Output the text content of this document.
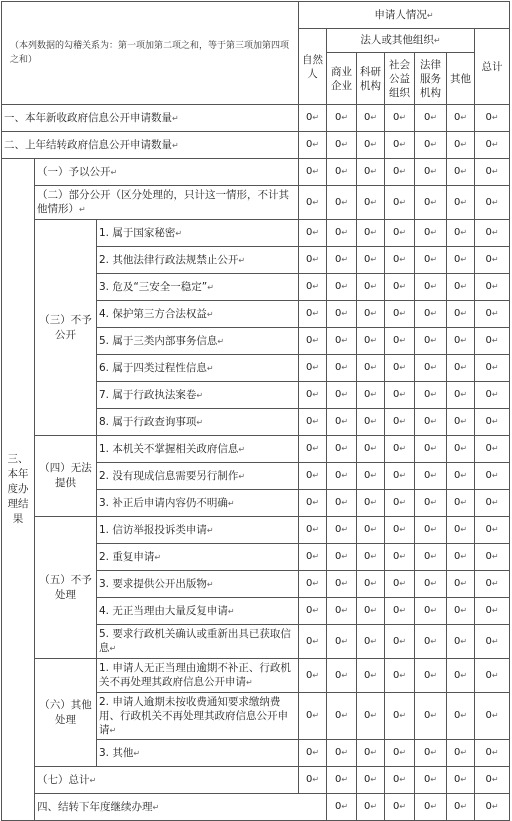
（本列数据的勾稽关系为：第一项加第二项之和，等于第三项加第四项之和）			申请人情况↵							
			自然人	法人或其他组织↵					总计	
				商业企业	科研机构	社会公益组织	法律服务机构	其他		
一、本年新收政府信息公开申请数量↵			0↵	0↵	0↵	0↵	0↵	0↵	0↵	
二、上年结转政府信息公开申请数量↵			0↵	0↵	0↵	0↵	0↵	0↵	0↵	
三、本年度办理结果	（一）予以公开↵		0↵	0↵	0↵	0↵	0↵	0↵	0↵	
	（二）部分公开（区分处理的，只计这一情形，不计其他情形）↵		0↵	0↵	0↵	0↵	0↵	0↵	0↵	
	（三）不予公开	1. 属于国家秘密↵	0↵	0↵	0↵	0↵	0↵	0↵	0↵	
		2. 其他法律行政法规禁止公开↵	0↵	0↵	0↵	0↵	0↵	0↵	0↵	
		3. 危及“三安全一稳定”↵	0↵	0↵	0↵	0↵	0↵	0↵	0↵	
		4. 保护第三方合法权益↵	0↵	0↵	0↵	0↵	0↵	0↵	0↵	
		5. 属于三类内部事务信息↵	0↵	0↵	0↵	0↵	0↵	0↵	0↵	
		6. 属于四类过程性信息↵	0↵	0↵	0↵	0↵	0↵	0↵	0↵	
		7. 属于行政执法案卷↵	0↵	0↵	0↵	0↵	0↵	0↵	0↵	
		8. 属于行政查询事项↵	0↵	0↵	0↵	0↵	0↵	0↵	0↵	
	（四）无法提供	1. 本机关不掌握相关政府信息↵	0↵	0↵	0↵	0↵	0↵	0↵	0↵	
		2. 没有现成信息需要另行制作↵	0↵	0↵	0↵	0↵	0↵	0↵	0↵	
		3. 补正后申请内容仍不明确↵	0↵	0↵	0↵	0↵	0↵	0↵	0↵	
	（五）不予处理	1. 信访举报投诉类申请↵	0↵	0↵	0↵	0↵	0↵	0↵	0↵	
		2. 重复申请↵	0↵	0↵	0↵	0↵	0↵	0↵	0↵	
		3. 要求提供公开出版物↵	0↵	0↵	0↵	0↵	0↵	0↵	0↵	
		4. 无正当理由大量反复申请↵	0↵	0↵	0↵	0↵	0↵	0↵	0↵	
		5. 要求行政机关确认或重新出具已获取信息↵	0↵	0↵	0↵	0↵	0↵	0↵	0↵	
	（六）其他处理	1. 申请人无正当理由逾期不补正、行政机关不再处理其政府信息公开申请↵	0↵	0↵	0↵	0↵	0↵	0↵	0↵	
		2. 申请人逾期未按收费通知要求缴纳费用、行政机关不再处理其政府信息公开申请↵	0↵	0↵	0↵	0↵	0↵	0↵	0↵	
		3. 其他↵	0↵	0↵	0↵	0↵	0↵	0↵	0↵	
	（七）总计↵		0↵	0↵	0↵	0↵	0↵	0↵	0↵	
	四、结转下年度继续办理↵			0↵	0↵	0↵	0↵	0↵	0↵	
